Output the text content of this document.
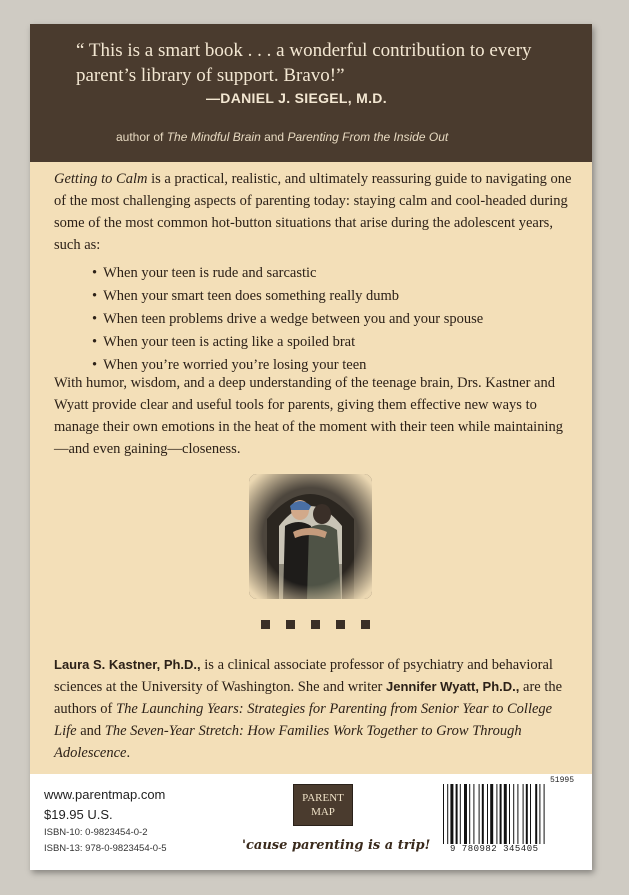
“ This is a smart book . . . a wonderful contribution to every parent’s library of support. Bravo!”
—DANIEL J. SIEGEL, M.D.
author of The Mindful Brain and Parenting From the Inside Out
Getting to Calm is a practical, realistic, and ultimately reassuring guide to navigating one of the most challenging aspects of parenting today: staying calm and cool-headed during some of the most common hot-button situations that arise during the adolescent years, such as:
• When your teen is rude and sarcastic
• When your smart teen does something really dumb
• When teen problems drive a wedge between you and your spouse
• When your teen is acting like a spoiled brat
• When you’re worried you’re losing your teen
With humor, wisdom, and a deep understanding of the teenage brain, Drs. Kastner and Wyatt provide clear and useful tools for parents, giving them effective new ways to manage their own emotions in the heat of the moment with their teen while maintaining—and even gaining—closeness.
Laura S. Kastner, Ph.D., is a clinical associate professor of psychiatry and behavioral sciences at the University of Washington. She and writer Jennifer Wyatt, Ph.D., are the authors of The Launching Years: Strategies for Parenting from Senior Year to College Life and The Seven-Year Stretch: How Families Work Together to Grow Through Adolescence.
www.parentmap.com
$19.95 U.S.
ISBN-10: 0-9823454-0-2
ISBN-13: 978-0-9823454-0-5
PARENT
MAP
'cause parenting is a trip!
51995
9 780982 345405
